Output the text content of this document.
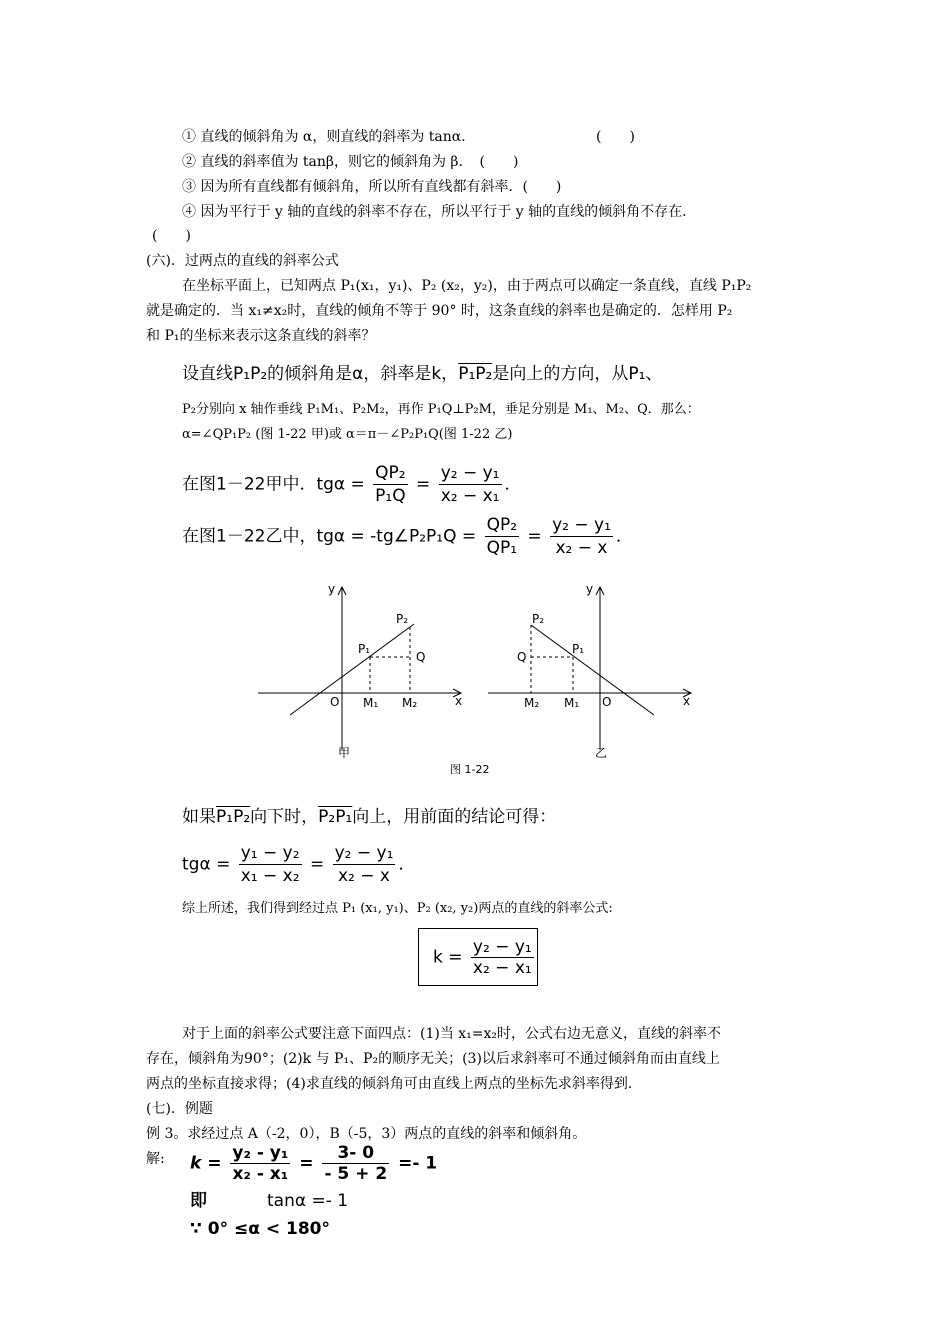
① 直线的倾斜角为 α，则直线的斜率为 tanα．	(　　)
② 直线的斜率值为 tanβ，则它的倾斜角为 β．　(　　)
③ 因为所有直线都有倾斜角，所以所有直线都有斜率．(　　)
④ 因为平行于 y 轴的直线的斜率不存在，所以平行于 y 轴的直线的倾斜角不存在．
(　　)
(六)．过两点的直线的斜率公式
在坐标平面上，已知两点 P₁(x₁，y₁)、P₂ (x₂，y₂)，由于两点可以确定一条直线，直线 P₁P₂
就是确定的．当 x₁≠x₂时，直线的倾角不等于 90° 时，这条直线的斜率也是确定的．怎样用 P₂
和 P₁的坐标来表示这条直线的斜率？
设直线P₁P₂的倾斜角是α，斜率是k，P₁P₂是向上的方向，从P₁、
P₂分别向 x 轴作垂线 P₁M₁、P₂M₂，再作 P₁Q⊥P₂M，垂足分别是 M₁、M₂、Q．那么：
α=∠QP₁P₂ (图 1-22 甲)或 α＝π－∠P₂P₁Q(图 1-22 乙)
在图1－22甲中．$tg\alpha = \frac{\text{QP₂}}{\text{P₁Q}} = \frac{\text{y₂ − y₁}}{\text{x₂ − x₁}}$ ．
在图1－22乙中，tgα = -tg∠P₂P₁Q = $\frac{\text{QP₂}}{\text{QP₁}} = \frac{\text{y₂ − y₁}}{\text{x₂ − x}}$ ．
y
x
O
P₂
P₁
Q
M₁ M₂
甲
y
x
O
P₂
P₁
Q
M₂ M₁
乙
图 1-22
如果P₁P₂向下时，P₂P₁向上，用前面的结论可得：
$tg\alpha = \frac{\text{y₁ − y₂}}{\text{x₁ − x₂}} = \frac{\text{y₂ − y₁}}{\text{x₂ − x}}$ ．
综上所述，我们得到经过点 P₁ (x₁, y₁)、P₂ (x₂, y₂)两点的直线的斜率公式:
$k = \frac{\text{y₂ − y₁}}{\text{x₂ − x₁}}$
对于上面的斜率公式要注意下面四点：(1)当 x₁=x₂时，公式右边无意义，直线的斜率不
存在，倾斜角为90°；(2)k 与 P₁、P₂的顺序无关；(3)以后求斜率可不通过倾斜角而由直线上
两点的坐标直接求得；(4)求直线的倾斜角可由直线上两点的坐标先求斜率得到．
(七)．例题
例 3。求经过点 A（-2，0），B（-5，3）两点的直线的斜率和倾斜角。
解: $k = \frac{\text{y₂ - y₁}}{\text{x₂ - x₁}} = \frac{3- 0}{- 5 + 2} =- 1$
即	tanα =- 1
∵ 0° ≤α < 180°
